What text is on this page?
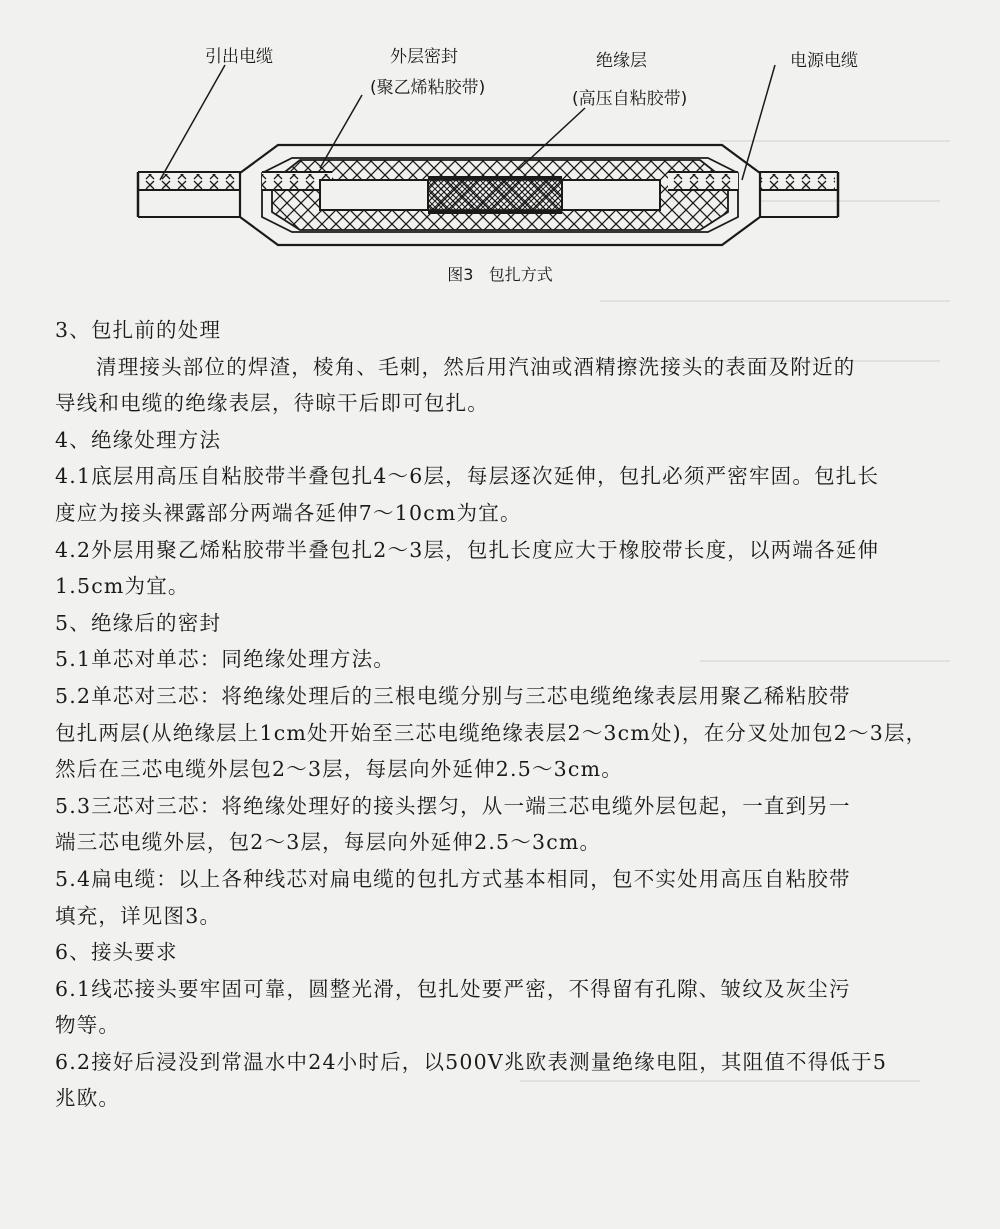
引出电缆	外层密封
(聚乙烯粘胶带)
绝缘层
(高压自粘胶带)
电源电缆
图3   包扎方式

3、包扎前的处理

清理接头部位的焊渣，棱角、毛刺，然后用汽油或酒精擦洗接头的表面及附近的

导线和电缆的绝缘表层，待晾干后即可包扎。

4、绝缘处理方法

4.1底层用高压自粘胶带半叠包扎4～6层，每层逐次延伸，包扎必须严密牢固。包扎长

度应为接头裸露部分两端各延伸7～10cm为宜。

4.2外层用聚乙烯粘胶带半叠包扎2～3层，包扎长度应大于橡胶带长度，以两端各延伸

1.5cm为宜。

5、绝缘后的密封

5.1单芯对单芯：同绝缘处理方法。

5.2单芯对三芯：将绝缘处理后的三根电缆分别与三芯电缆绝缘表层用聚乙稀粘胶带

包扎两层(从绝缘层上1cm处开始至三芯电缆绝缘表层2～3cm处)，在分叉处加包2～3层，

然后在三芯电缆外层包2～3层，每层向外延伸2.5～3cm。

5.3三芯对三芯：将绝缘处理好的接头摆匀，从一端三芯电缆外层包起，一直到另一

端三芯电缆外层，包2～3层，每层向外延伸2.5～3cm。

5.4扁电缆：以上各种线芯对扁电缆的包扎方式基本相同，包不实处用高压自粘胶带

填充，详见图3。

6、接头要求

6.1线芯接头要牢固可靠，圆整光滑，包扎处要严密，不得留有孔隙、皱纹及灰尘污

物等。

6.2接好后浸没到常温水中24小时后，以500V兆欧表测量绝缘电阻，其阻值不得低于5

兆欧。
